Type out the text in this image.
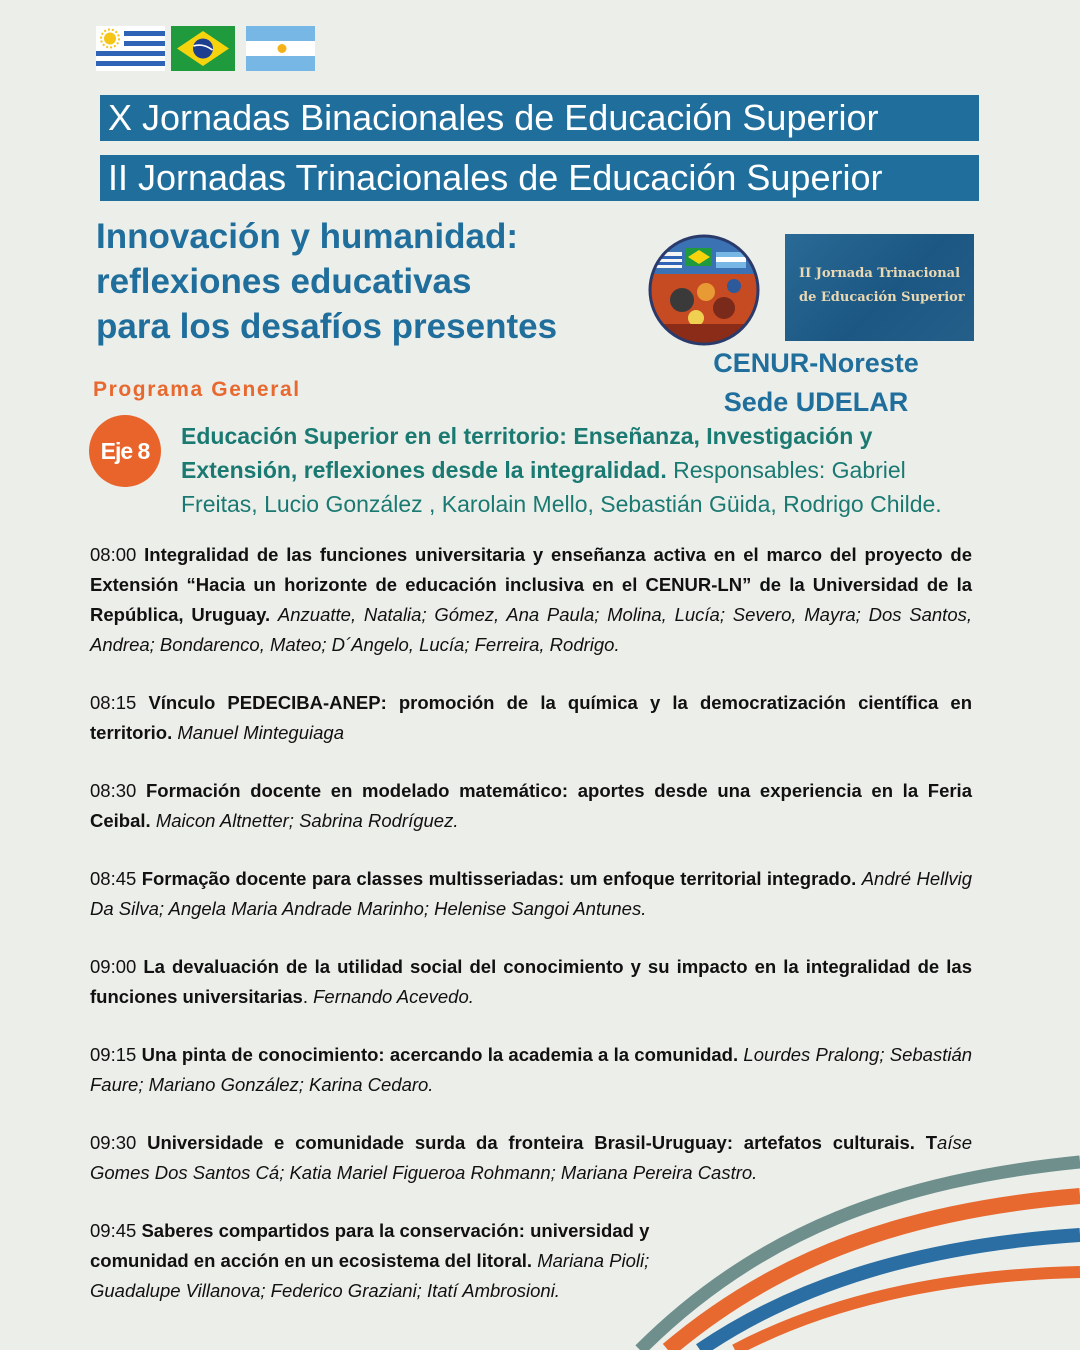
X Jornadas Binacionales de Educación Superior
II Jornadas Trinacionales de Educación Superior
Innovación y humanidad:
reflexiones educativas
para los desafíos presentes
II Jornada Trinacional
de Educación Superior
CENUR-Noreste
Sede UDELAR
Programa General
Eje 8

Educación Superior en el territorio: Enseñanza, Investigación y Extensión, reflexiones desde la integralidad. Responsables: Gabriel Freitas, Lucio González , Karolain Mello, Sebastián Güida, Rodrigo Childe.

08:00 Integralidad de las funciones universitaria y enseñanza activa en el marco del proyecto de Extensión “Hacia un horizonte de educación inclusiva en el CENUR-LN” de la Universidad de la República, Uruguay. Anzuatte, Natalia; Gómez, Ana Paula; Molina, Lucía; Severo, Mayra; Dos Santos, Andrea; Bondarenco, Mateo; D´Angelo, Lucía; Ferreira, Rodrigo.

08:15 Vínculo PEDECIBA-ANEP: promoción de la química y la democratización científica en territorio. Manuel Minteguiaga

08:30 Formación docente en modelado matemático: aportes desde una experiencia en la Feria Ceibal. Maicon Altnetter; Sabrina Rodríguez.

08:45 Formação docente para classes multisseriadas: um enfoque territorial integrado. André Hellvig Da Silva; Angela Maria Andrade Marinho; Helenise Sangoi Antunes.

09:00 La devaluación de la utilidad social del conocimiento y su impacto en la integralidad de las funciones universitarias. Fernando Acevedo.

09:15 Una pinta de conocimiento: acercando la academia a la comunidad. Lourdes Pralong; Sebastián Faure; Mariano González; Karina Cedaro.

09:30 Universidade e comunidade surda da fronteira Brasil-Uruguay: artefatos culturais. Taíse Gomes Dos Santos Cá; Katia Mariel Figueroa Rohmann; Mariana Pereira Castro.

09:45 Saberes compartidos para la conservación: universidad y comunidad en acción en un ecosistema del litoral. Mariana Pioli; Guadalupe Villanova; Federico Graziani; Itatí Ambrosioni.
